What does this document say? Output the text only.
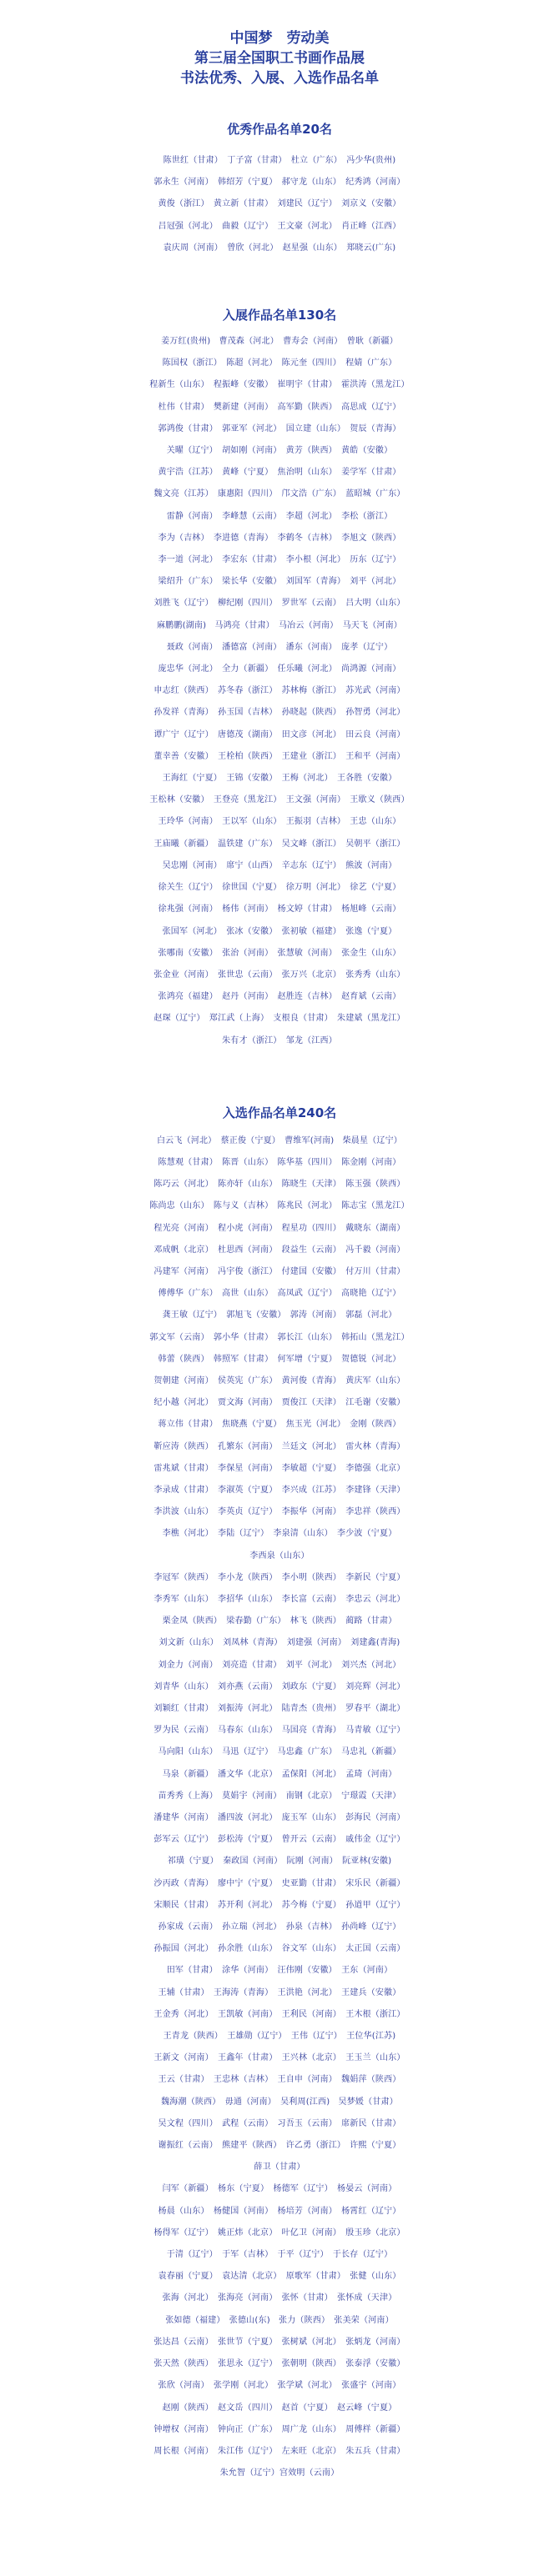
中国梦　劳动美
第三届全国职工书画作品展
书法优秀、入展、入选作品名单
优秀作品名单20名
陈世红（甘肃）　丁子富（甘肃）　杜立（广东）　冯少华(贵州)
郭永生（河南）　韩绍芳（宁夏）　郝守龙（山东）　纪秀鸿（河南）
黄俊（浙江）　黄立新（甘肃）　刘建民（辽宁）　刘京义（安徽）
吕冠强（河北）　曲毅（辽宁）　王文豪（河北）　肖正峰（江西）
袁庆周（河南）　曾欣（河北）　赵星强（山东）　郑晓云(广东)
入展作品名单130名
姜万红(贵州)　曹茂森（河北）　曹寿会（河南）　曾耿（新疆）
陈国权（浙江）　陈超（河北）　陈元奎（四川）　程婧（广东）
程新生（山东）　程振峰（安徽）　崔明宇（甘肃）　霍洪涛（黑龙江）
杜伟（甘肃）　樊新建（河南）　高军勤（陕西）　高思成（辽宁）
郭鸿俊（甘肃）　郭亚军（河北）　国立建（山东）　贺辰（青海）
关曜（辽宁）　胡如刚（河南）　黄芳（陕西）　黄皓（安徽）
黄宇浩（江苏）　黄峰（宁夏）　焦治明（山东）　姜学军（甘肃）
魏文亮（江苏）　康惠阳（四川）　邝文浩（广东）　蓝昭城（广东）
雷静（河南）　李峰慧（云南）　李超（河北）　李松（浙江）
李为（吉林）　李进德（青海）　李鹤冬（吉林）　李旭文（陕西）
李一道（河北）　李宏东（甘肃）　李小根（河北）　历东（辽宁）
梁绍升（广东）　梁长华（安徽）　刘国军（青海）　刘平（河北）
刘胜飞（辽宁）　柳纪刚（四川）　罗世军（云南）　吕大明（山东）
麻鹏鹏(湖南)　马鸿亮（甘肃）　马冶云（河南）　马天飞（河南）
聂政（河南）　潘德富（河南）　潘东（河南）　庞孝（辽宁）
庞忠华（河北）　全力（新疆）　任乐曦（河北）　尚鸿源（河南）
申志红（陕西）　苏冬春（浙江）　苏林梅（浙江）　苏光武（河南）
孙发祥（青海）　孙玉国（吉林）　孙晓起（陕西）　孙智勇（河北）
谭广宁（辽宁）　唐德茂（湖南）　田文彦（河北）　田云良（河南）
董幸善（安徽）　王栓柏（陕西）　王建业（浙江）　王和平（河南）
王海红（宁夏）　王锦（安徽）　王梅（河北）　王各胜（安徽）
王松林（安徽）　王登亮（黑龙江）　王文强（河南）　王歇义（陕西）
王玲华（河南）　王以军（山东）　王振羽（吉林）　王忠（山东）
王庙曦（新疆）　温铁建（广东）　吴文峰（浙江）　吴朝平（浙江）
吴忠刚（河南）　席宁（山西）　辛志东（辽宁）　熊波（河南）
徐关生（辽宁）　徐世国（宁夏）　徐万明（河北）　徐艺（宁夏）
徐兆强（河南）　杨伟（河南）　杨文婷（甘肃）　杨旭峰（云南）
张国军（河北）　张冰（安徽）　张初敏（福建）　张逸（宁夏）
张哪南（安徽）　张治（河南）　张慧敏（河南）　张金生（山东）
张金业（河南）　张世忠（云南）　张万兴（北京）　张秀秀（山东）
张鸿亮（福建）　赵丹（河南）　赵胜连（吉林）　赵育斌（云南）
赵琛（辽宁）　郑江武（上海）　支根良（甘肃）　朱建斌（黑龙江）
朱有才（浙江）　邹龙（江西）
入选作品名单240名
白云飞（河北）　蔡正俊（宁夏）　曹维军(河南)　柴晨星（辽宁）
陈慧观（甘肃）　陈晋（山东）　陈华基（四川）　陈金刚（河南）
陈巧云（河北）　陈亦轩（山东）　陈晓生（天津）　陈玉强（陕西）
陈尚忠（山东）　陈与义（吉林）　陈兆民（河北）　陈志宝（黑龙江）
程光亮（河南）　程小虎（河南）　程星功（四川）　戴晓东（湖南）
邓成帆（北京）　杜思西（河南）　段益生（云南）　冯千毅（河南）
冯建军（河南）　冯宇俊（浙江）　付建国（安徽）　付万川（甘肃）
傅傅华（广东）　高世（山东）　高凤武（辽宁）　高晓艳（辽宁）
龚王敏（辽宁）　郭旭飞（安徽）　郭涛（河南）　郭磊（河北）
郭文军（云南）　郭小华（甘肃）　郭长江（山东）　韩拓山（黑龙江）
韩蕾（陕西）　韩照军（甘肃）　何军增（宁夏）　贺德锐（河北）
贺朝建（河南）　侯英宪（广东）　黄河俊（青海）　黄庆军（山东）
纪小越（河北）　贾文海（河南）　贾俊江（天津）　江毛谢（安徽）
蒋立伟（甘肃）　焦晓燕（宁夏）　焦玉光（河北）　金刚（陕西）
靳应涛（陕西）　孔繁东（河南）　兰廷文（河北）　雷火林（青海）
雷兆斌（甘肃）　李保星（河南）　李敏超（宁夏）　李德强（北京）
李录成（甘肃）　李淑英（宁夏）　李兴成（江苏）　李建锋（天津）
李洪波（山东）　李英贞（辽宁）　李振华（河南）　李忠祥（陕西）
李樵（河北）　李陆（辽宁）　李泉清（山东）　李少波（宁夏）
李西泉（山东）
李冠军（陕西）　李小龙（陕西）　李小明（陕西）　李新民（宁夏）
李秀军（山东）　李招华（山东）　李长富（云南）　李忠云（河北）
栗金凤（陕西）　梁春勤（广东）　林飞（陕西）　蔺路（甘肃）
刘文新（山东）　刘凤林（青海）　刘建强（河南）　刘建鑫(青海)
刘金力（河南）　刘亮造（甘肃）　刘平（河北）　刘兴杰（河北）
刘青华（山东）　刘亦燕（云南）　刘政东（宁夏）　刘亮辉（河北）
刘颖红（甘肃）　刘振涛（河北）　陆青杰（贵州）　罗春平（湖北）
罗为民（云南）　马春东（山东）　马国亮（青海）　马青敏（辽宁）
马向阳（山东）　马迅（辽宁）　马忠鑫（广东）　马忠礼（新疆）
马泉（新疆）　潘文华（北京）　孟保阳（河北）　孟琦（河南）
苗秀秀（上海）　莫娟宇（河南）　南钢（北京）　宁璟霞（天津）
潘建华（河南）　潘四波（河北）　庞玉军（山东）　彭海民（河南）
彭军云（辽宁）　彭松涛（宁夏）　曾开云（云南）　戚伟金（辽宁）
祁璜（宁夏）　秦政国（河南）　阮刚（河南）　阮亚林(安徽)
沙丙政（青海）　廖中宁（宁夏）　史亚勤（甘肃）　宋乐民（新疆）
宋顺民（甘肃）　苏开利（河北）　苏今梅（宁夏）　孙道甲（辽宁）
孙家成（云南）　孙立瑞（河北）　孙泉（吉林）　孙尚峰（辽宁）
孙振国（河北）　孙余胜（山东）　谷文军（山东）　太正国（云南）
田军（甘肃）　涂华（河南）　汪伟刚（安徽）　王东（河南）
王辅（甘肃）　王海涛（青海）　王洪艳（河北）　王建兵（安徽）
王金秀（河北）　王凯敏（河南）　王利民（河南）　王木根（浙江）
王青龙（陕西）　王雄勋（辽宁）　王伟（辽宁）　王位华(江苏)
王新文（河南）　王鑫年（甘肃）　王兴林（北京）　王玉兰（山东）
王云（甘肃）　王忠林（吉林）　王自申（河南）　魏娟萍（陕西）
魏海潮（陕西）　毋通（河南）　吴利周(江西)　吴梦媛（甘肃）
吴文程（四川）　武程（云南）　习吾玉（云南）　席新民（甘肃）
谢振红（云南）　熊建平（陕西）　许乙勇（浙江）　许熙（宁夏）
薛卫（甘肃）
闫军（新疆）　杨东（宁夏）　杨德军（辽宁）　杨晏云（河南）
杨晨（山东）　杨健国（河南）　杨培芳（河南）　杨霄红（辽宁）
杨得军（辽宁）　姚正炜（北京）　叶亿卫（河南）　殷玉珍（北京）
于清（辽宁）　于军（吉林）　于平（辽宁）　于长存（辽宁）
袁春丽（宁夏）　袁达清（北京）　原歌军（甘肃）　张健（山东）
张海（河北）　张海亮（河南）　张怀（甘肃）　张怀成（天津）
张如德（福建）　张德山(东)　张力（陕西）　张美荣（河南）
张达昌（云南）　张世节（宁夏）　张树斌（河北）　张炳龙（河南）
张天然（陕西）　张思永（辽宁）　张朝明（陕西）　张泰浮（安徽）
张欣（河南）　张学刚（河北）　张学斌（河北）　张盛宇（河南）
赵刚（陕西）　赵文岳（四川）　赵首（宁夏）　赵云峰（宁夏）
钟增权（河南）　钟向正（广东）　周广龙（山东）　周傅样（新疆）
周长根（河南）　朱江伟（辽宁）　左来旺（北京）　朱五兵（甘肃）
朱允智（辽宁）宫效明（云南）
